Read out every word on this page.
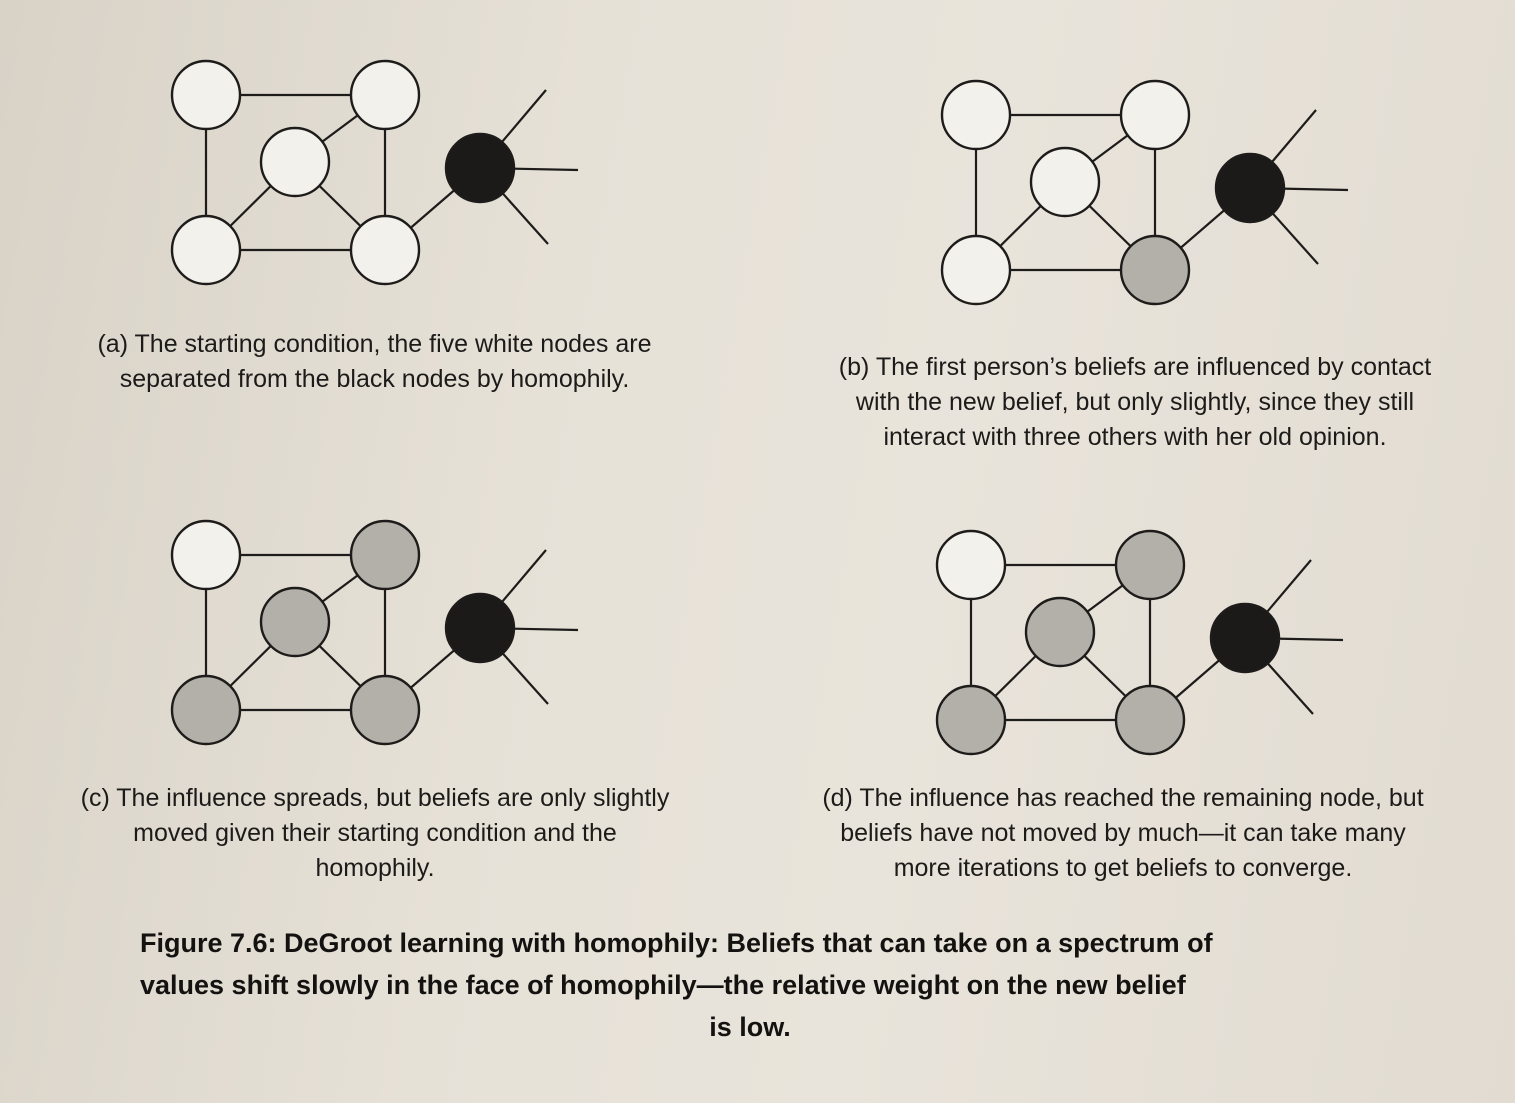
(a) The starting condition, the five white nodes are
separated from the black nodes by homophily.	(b) The first person’s beliefs are influenced by contact
with the new belief, but only slightly, since they still
interact with three others with her old opinion.
(c) The influence spreads, but beliefs are only slightly
moved given their starting condition and the
homophily.
(d) The influence has reached the remaining node, but
beliefs have not moved by much—it can take many
more iterations to get beliefs to converge.
Figure 7.6: DeGroot learning with homophily: Beliefs that can take on a spectrum of
values shift slowly in the face of homophily—the relative weight on the new belief
is low.
